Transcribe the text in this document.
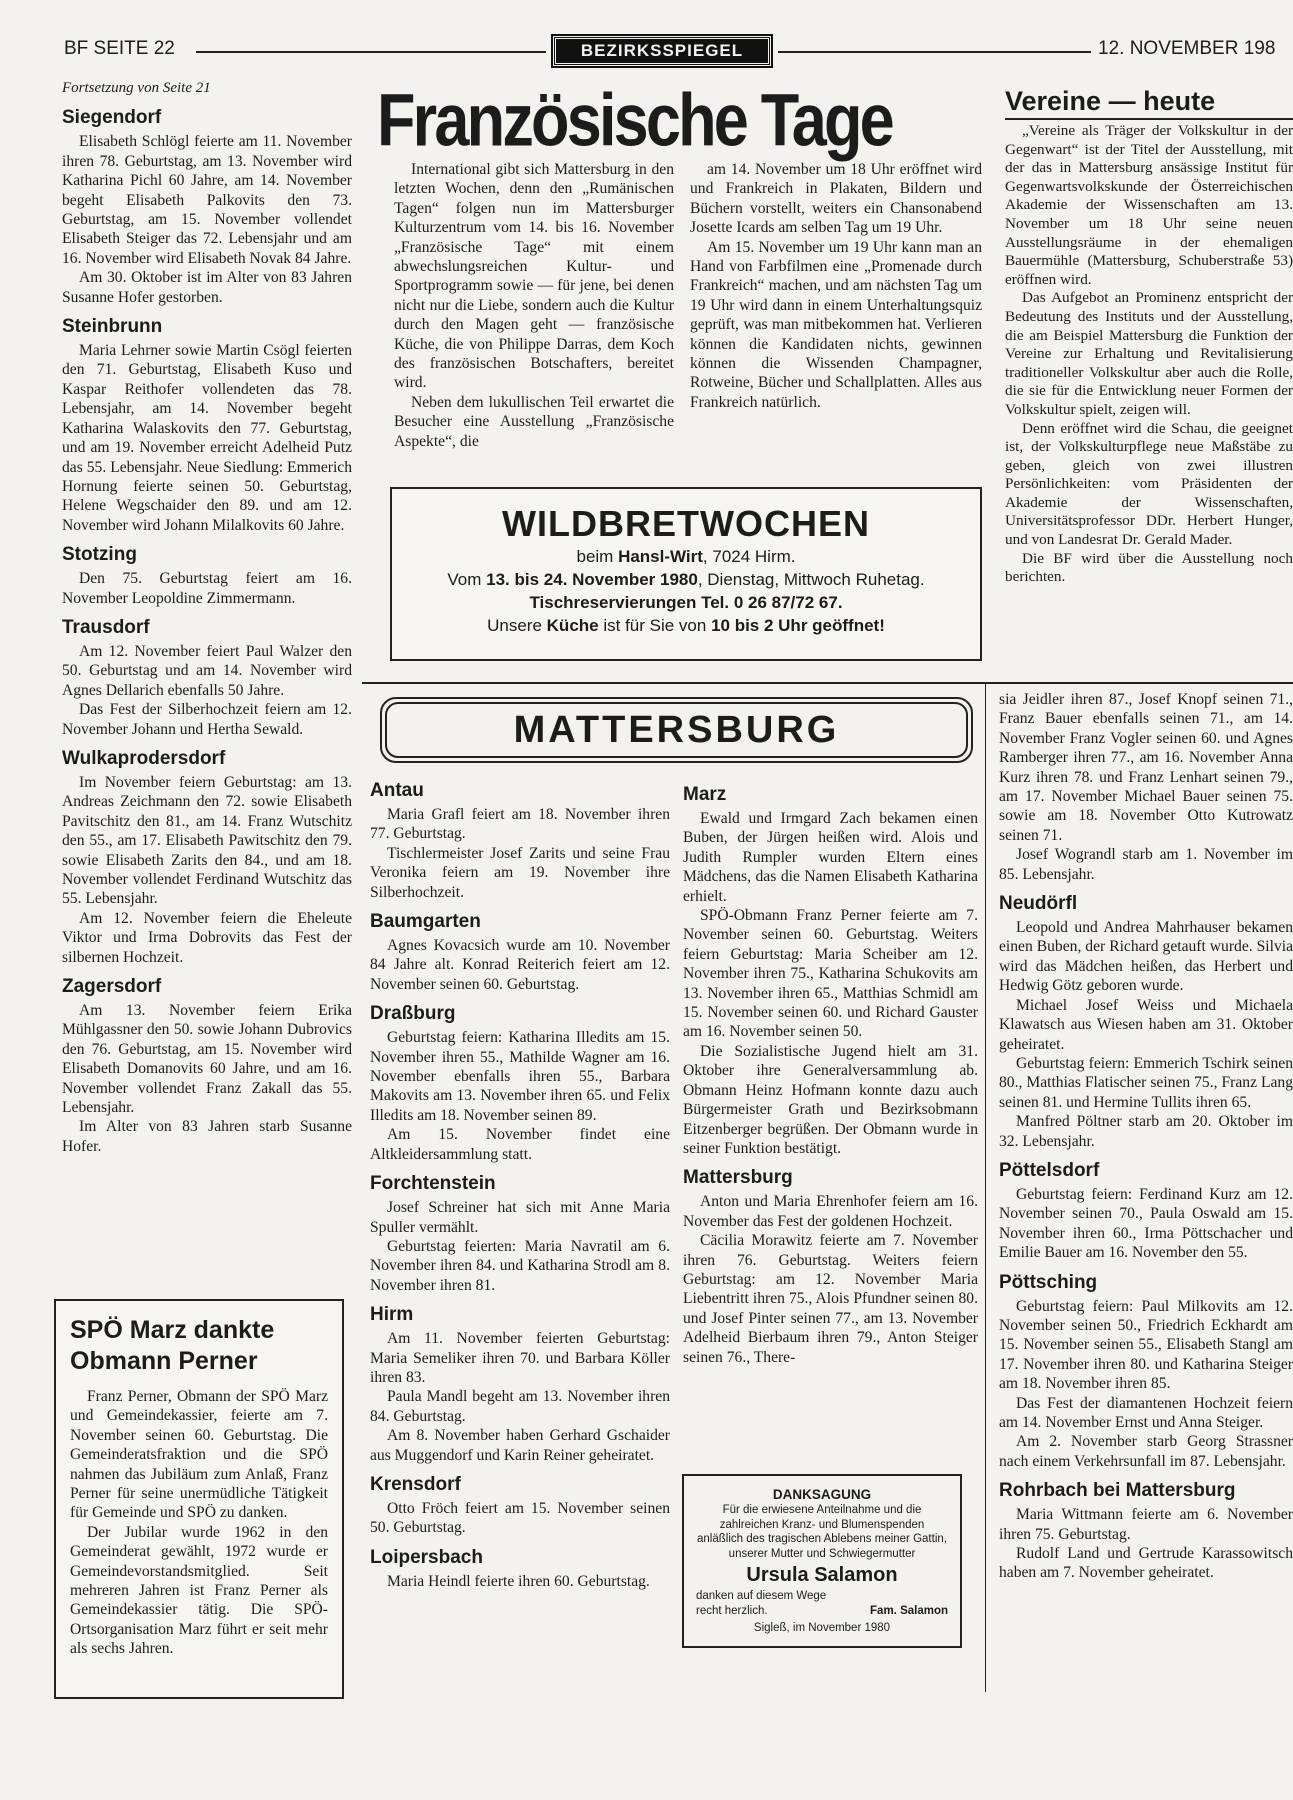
BF SEITE 22	BEZIRKSSPIEGEL	12. NOVEMBER 198
Fortsetzung von Seite 21
Siegendorf

Elisabeth Schlögl feierte am 11. November ihren 78. Geburtstag, am 13. November wird Katharina Pichl 60 Jahre, am 14. November begeht Elisabeth Palkovits den 73. Geburtstag, am 15. November vollendet Elisabeth Steiger das 72. Lebensjahr und am 16. November wird Elisabeth Novak 84 Jahre.

Am 30. Oktober ist im Alter von 83 Jahren Susanne Hofer gestorben.

Steinbrunn

Maria Lehrner sowie Martin Csögl feierten den 71. Geburtstag, Elisabeth Kuso und Kaspar Reithofer vollendeten das 78. Lebensjahr, am 14. November begeht Katharina Walaskovits den 77. Geburtstag, und am 19. November erreicht Adelheid Putz das 55. Lebensjahr. Neue Siedlung: Emmerich Hornung feierte seinen 50. Geburtstag, Helene Wegschaider den 89. und am 12. November wird Johann Milalkovits 60 Jahre.

Stotzing

Den 75. Geburtstag feiert am 16. November Leopoldine Zimmermann.

Trausdorf

Am 12. November feiert Paul Walzer den 50. Geburtstag und am 14. November wird Agnes Dellarich ebenfalls 50 Jahre.

Das Fest der Silberhochzeit feiern am 12. November Johann und Hertha Sewald.

Wulkaprodersdorf

Im November feiern Geburtstag: am 13. Andreas Zeichmann den 72. sowie Elisabeth Pavitschitz den 81., am 14. Franz Wutschitz den 55., am 17. Elisabeth Pawitschitz den 79. sowie Elisabeth Zarits den 84., und am 18. November vollendet Ferdinand Wutschitz das 55. Lebensjahr.

Am 12. November feiern die Eheleute Viktor und Irma Dobrovits das Fest der silbernen Hochzeit.

Zagersdorf

Am 13. November feiern Erika Mühlgassner den 50. sowie Johann Dubrovics den 76. Geburtstag, am 15. November wird Elisabeth Domanovits 60 Jahre, und am 16. November vollendet Franz Zakall das 55. Lebensjahr.

Im Alter von 83 Jahren starb Susanne Hofer.

SPÖ Marz dankte
Obmann Perner

Franz Perner, Obmann der SPÖ Marz und Gemeindekassier, feierte am 7. November seinen 60. Geburtstag. Die Gemeinderatsfraktion und die SPÖ nahmen das Jubiläum zum Anlaß, Franz Perner für seine unermüdliche Tätigkeit für Gemeinde und SPÖ zu danken.

Der Jubilar wurde 1962 in den Gemeinderat gewählt, 1972 wurde er Gemeindevorstandsmitglied. Seit mehreren Jahren ist Franz Perner als Gemeindekassier tätig. Die SPÖ-Ortsorganisation Marz führt er seit mehr als sechs Jahren.

Französische Tage

International gibt sich Mattersburg in den letzten Wochen, denn den „Rumänischen Tagen“ folgen nun im Mattersburger Kulturzentrum vom 14. bis 16. November „Französische Tage“ mit einem abwechslungsreichen Kultur- und Sportprogramm sowie — für jene, bei denen nicht nur die Liebe, sondern auch die Kultur durch den Magen geht — französische Küche, die von Philippe Darras, dem Koch des französischen Botschafters, bereitet wird.

Neben dem lukullischen Teil erwartet die Besucher eine Ausstellung „Französische Aspekte“, die

am 14. November um 18 Uhr eröffnet wird und Frankreich in Plakaten, Bildern und Büchern vorstellt, weiters ein Chansonabend Josette Icards am selben Tag um 19 Uhr.

Am 15. November um 19 Uhr kann man an Hand von Farbfilmen eine „Promenade durch Frankreich“ machen, und am nächsten Tag um 19 Uhr wird dann in einem Unterhaltungsquiz geprüft, was man mitbekommen hat. Verlieren können die Kandidaten nichts, gewinnen können die Wissenden Champagner, Rotweine, Bücher und Schallplatten. Alles aus Frankreich natürlich.

WILDBRETWOCHEN
beim Hansl-Wirt, 7024 Hirm.
Vom 13. bis 24. November 1980, Dienstag, Mittwoch Ruhetag.
Tischreservierungen Tel. 0 26 87/72 67.
Unsere Küche ist für Sie von 10 bis 2 Uhr geöffnet!
Vereine — heute

„Vereine als Träger der Volkskultur in der Gegenwart“ ist der Titel der Ausstellung, mit der das in Mattersburg ansässige Institut für Gegenwartsvolkskunde der Österreichischen Akademie der Wissenschaften am 13. November um 18 Uhr seine neuen Ausstellungsräume in der ehemaligen Bauermühle (Mattersburg, Schuberstraße 53) eröffnen wird.

Das Aufgebot an Prominenz entspricht der Bedeutung des Instituts und der Ausstellung, die am Beispiel Mattersburg die Funktion der Vereine zur Erhaltung und Revitalisierung traditioneller Volkskultur aber auch die Rolle, die sie für die Entwicklung neuer Formen der Volkskultur spielt, zeigen will.

Denn eröffnet wird die Schau, die geeignet ist, der Volkskulturpflege neue Maßstäbe zu geben, gleich von zwei illustren Persönlichkeiten: vom Präsidenten der Akademie der Wissenschaften, Universitätsprofessor DDr. Herbert Hunger, und von Landesrat Dr. Gerald Mader.

Die BF wird über die Ausstellung noch berichten.

MATTERSBURG
Antau

Maria Grafl feiert am 18. November ihren 77. Geburtstag.

Tischlermeister Josef Zarits und seine Frau Veronika feiern am 19. November ihre Silberhochzeit.

Baumgarten

Agnes Kovacsich wurde am 10. November 84 Jahre alt. Konrad Reiterich feiert am 12. November seinen 60. Geburtstag.

Draßburg

Geburtstag feiern: Katharina Illedits am 15. November ihren 55., Mathilde Wagner am 16. November ebenfalls ihren 55., Barbara Makovits am 13. November ihren 65. und Felix Illedits am 18. November seinen 89.

Am 15. November findet eine Altkleidersammlung statt.

Forchtenstein

Josef Schreiner hat sich mit Anne Maria Spuller vermählt.

Geburtstag feierten: Maria Navratil am 6. November ihren 84. und Katharina Strodl am 8. November ihren 81.

Hirm

Am 11. November feierten Geburtstag: Maria Semeliker ihren 70. und Barbara Köller ihren 83.

Paula Mandl begeht am 13. November ihren 84. Geburtstag.

Am 8. November haben Gerhard Gschaider aus Muggendorf und Karin Reiner geheiratet.

Krensdorf

Otto Fröch feiert am 15. November seinen 50. Geburtstag.

Loipersbach

Maria Heindl feierte ihren 60. Geburtstag.

Marz

Ewald und Irmgard Zach bekamen einen Buben, der Jürgen heißen wird. Alois und Judith Rumpler wurden Eltern eines Mädchens, das die Namen Elisabeth Katharina erhielt.

SPÖ-Obmann Franz Perner feierte am 7. November seinen 60. Geburtstag. Weiters feiern Geburtstag: Maria Scheiber am 12. November ihren 75., Katharina Schukovits am 13. November ihren 65., Matthias Schmidl am 15. November seinen 60. und Richard Gauster am 16. November seinen 50.

Die Sozialistische Jugend hielt am 31. Oktober ihre Generalversammlung ab. Obmann Heinz Hofmann konnte dazu auch Bürgermeister Grath und Bezirksobmann Eitzenberger begrüßen. Der Obmann wurde in seiner Funktion bestätigt.

Mattersburg

Anton und Maria Ehrenhofer feiern am 16. November das Fest der goldenen Hochzeit.

Cäcilia Morawitz feierte am 7. November ihren 76. Geburtstag. Weiters feiern Geburtstag: am 12. November Maria Liebentritt ihren 75., Alois Pfundner seinen 80. und Josef Pinter seinen 77., am 13. November Adelheid Bierbaum ihren 79., Anton Steiger seinen 76., There-

DANKSAGUNG
Für die erwiesene Anteilnahme und die zahlreichen Kranz- und Blumenspenden anläßlich des tragischen Ablebens meiner Gattin, unserer Mutter und Schwiegermutter
Ursula Salamon
danken auf diesem Wege recht herzlich.	Fam. Salamon
Sigleß, im November 1980

sia Jeidler ihren 87., Josef Knopf seinen 71., Franz Bauer ebenfalls seinen 71., am 14. November Franz Vogler seinen 60. und Agnes Ramberger ihren 77., am 16. November Anna Kurz ihren 78. und Franz Lenhart seinen 79., am 17. November Michael Bauer seinen 75. sowie am 18. November Otto Kutrowatz seinen 71.

Josef Wograndl starb am 1. November im 85. Lebensjahr.

Neudörfl

Leopold und Andrea Mahrhauser bekamen einen Buben, der Richard getauft wurde. Silvia wird das Mädchen heißen, das Herbert und Hedwig Götz geboren wurde.

Michael Josef Weiss und Michaela Klawatsch aus Wiesen haben am 31. Oktober geheiratet.

Geburtstag feiern: Emmerich Tschirk seinen 80., Matthias Flatischer seinen 75., Franz Lang seinen 81. und Hermine Tullits ihren 65.

Manfred Pöltner starb am 20. Oktober im 32. Lebensjahr.

Pöttelsdorf

Geburtstag feiern: Ferdinand Kurz am 12. November seinen 70., Paula Oswald am 15. November ihren 60., Irma Pöttschacher und Emilie Bauer am 16. November den 55.

Pöttsching

Geburtstag feiern: Paul Milkovits am 12. November seinen 50., Friedrich Eckhardt am 15. November seinen 55., Elisabeth Stangl am 17. November ihren 80. und Katharina Steiger am 18. November ihren 85.

Das Fest der diamantenen Hochzeit feiern am 14. November Ernst und Anna Steiger.

Am 2. November starb Georg Strassner nach einem Verkehrsunfall im 87. Lebensjahr.

Rohrbach bei Mattersburg

Maria Wittmann feierte am 6. November ihren 75. Geburtstag.

Rudolf Land und Gertrude Karassowitsch haben am 7. November geheiratet.
